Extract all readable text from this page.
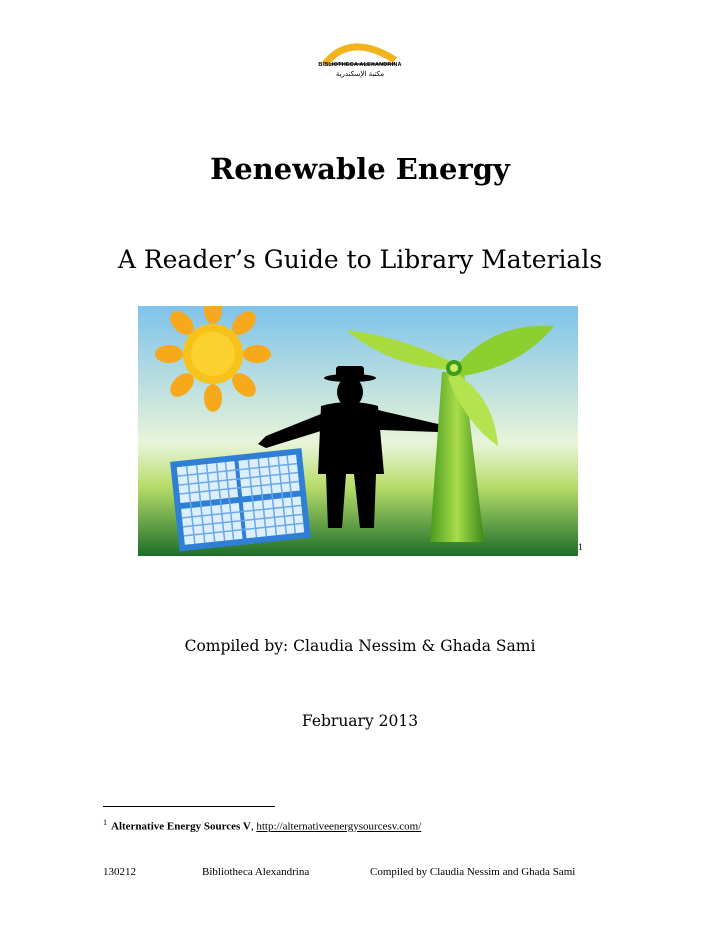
BIBLIOTHECA ALEXANDRINA
مكتبة الإسكندرية
Renewable Energy
A Reader’s Guide to Library Materials
1
Compiled by: Claudia Nessim & Ghada Sami
February 2013
$^1$ Alternative Energy Sources V, http://alternativeenergysourcesv.com/
130212	Bibliotheca Alexandrina	Compiled by Claudia Nessim and Ghada Sami
